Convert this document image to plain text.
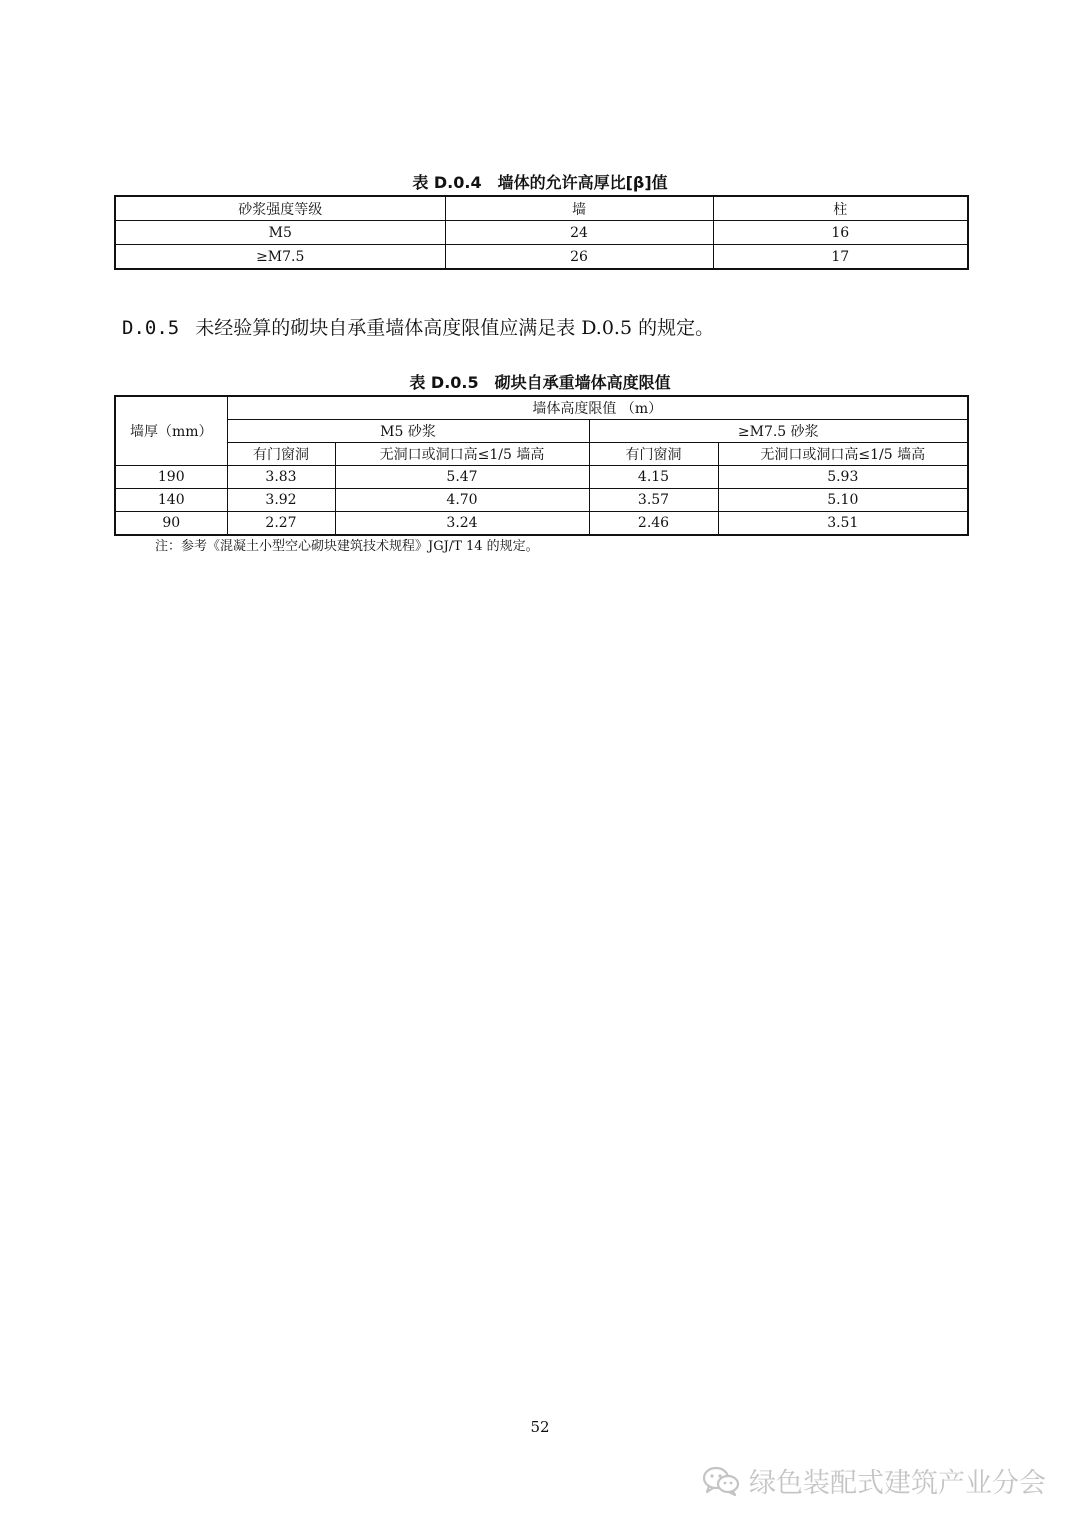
表 D.0.4　墙体的允许高厚比[β]值
砂浆强度等级	墙	柱
M5	24	16
≥M7.5	26	17
D.0.5 未经验算的砌块自承重墙体高度限值应满足表 D.0.5 的规定。
表 D.0.5　砌块自承重墙体高度限值
墙厚（mm）	墙体高度限值 （m）			
	M5 砂浆		≥M7.5 砂浆	
	有门窗洞	无洞口或洞口高≤1/5 墙高	有门窗洞	无洞口或洞口高≤1/5 墙高
190	3.83	5.47	4.15	5.93
140	3.92	4.70	3.57	5.10
90	2.27	3.24	2.46	3.51
注：参考《混凝土小型空心砌块建筑技术规程》JGJ/T 14 的规定。
52
绿色装配式建筑产业分会
